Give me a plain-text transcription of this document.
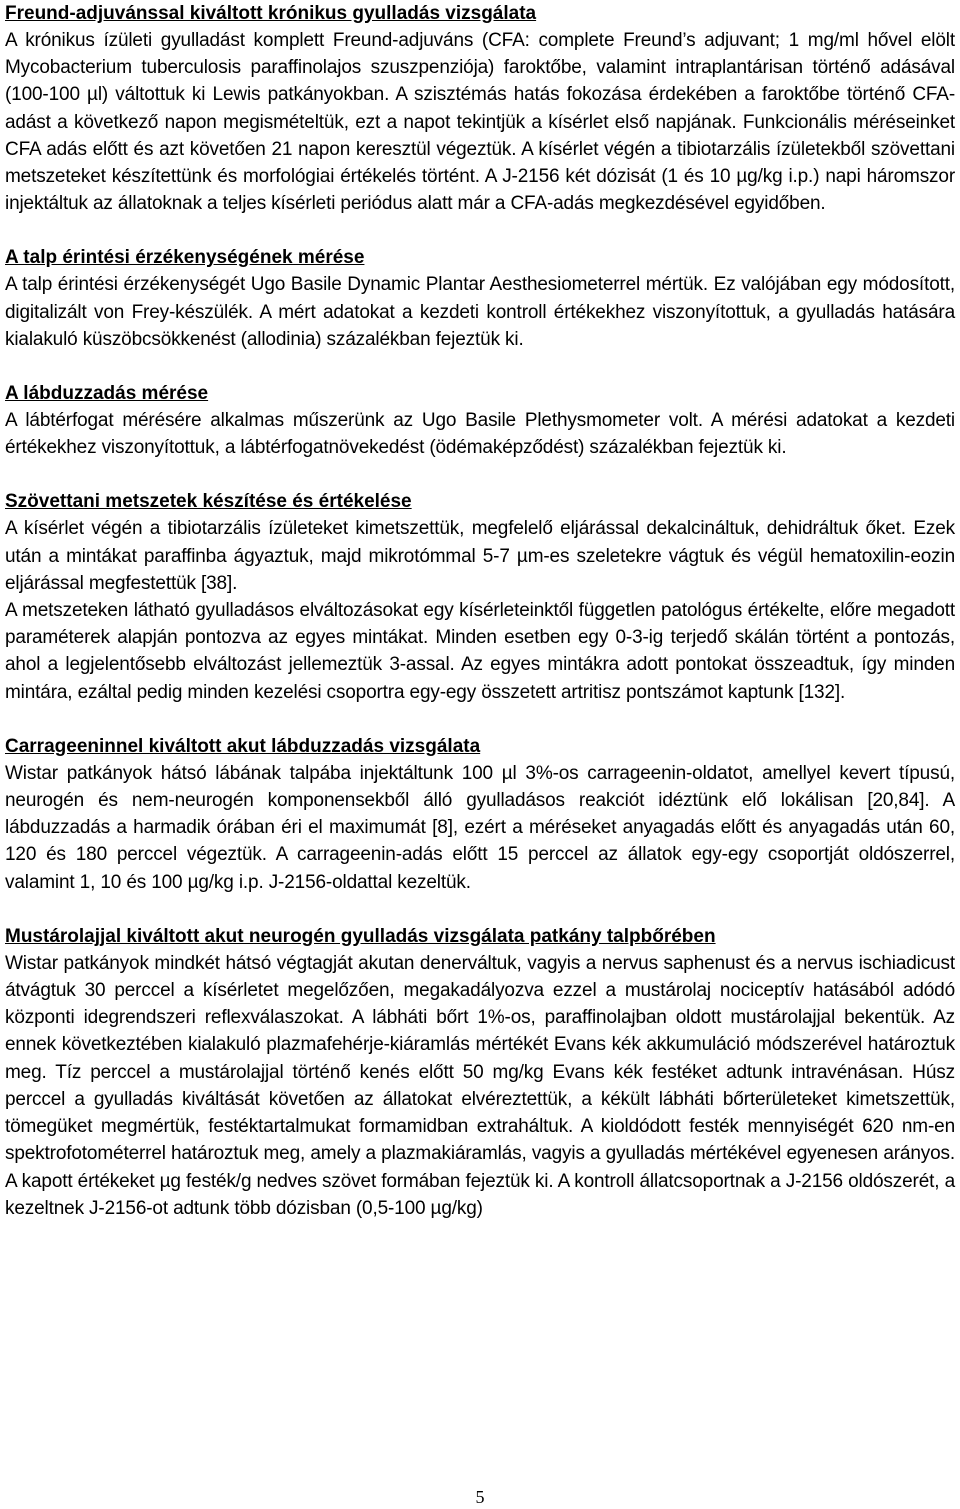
Freund-adjuvánssal kiváltott krónikus gyulladás vizsgálata

A krónikus ízületi gyulladást komplett Freund-adjuváns (CFA: complete Freund’s adjuvant; 1 mg/ml hővel elölt Mycobacterium tuberculosis paraffinolajos szuszpenziója) faroktőbe, valamint intraplantárisan történő adásával (100-100 µl) váltottuk ki Lewis patkányokban. A szisztémás hatás fokozása érdekében a faroktőbe történő CFA-adást a következő napon megismételtük, ezt a napot tekintjük a kísérlet első napjának. Funkcionális méréseinket CFA adás előtt és azt követően 21 napon keresztül végeztük. A kísérlet végén a tibiotarzális ízületekből szövettani metszeteket készítettünk és morfológiai értékelés történt. A J-2156 két dózisát (1 és 10 µg/kg i.p.) napi háromszor injektáltuk az állatoknak a teljes kísérleti periódus alatt már a CFA-adás megkezdésével egyidőben.

A talp érintési érzékenységének mérése

A talp érintési érzékenységét Ugo Basile Dynamic Plantar Aesthesiometerrel mértük. Ez valójában egy módosított, digitalizált von Frey-készülék. A mért adatokat a kezdeti kontroll értékekhez viszonyítottuk, a gyulladás hatására kialakuló küszöbcsökkenést (allodinia) százalékban fejeztük ki.

A lábduzzadás mérése

A lábtérfogat mérésére alkalmas műszerünk az Ugo Basile Plethysmometer volt. A mérési adatokat a kezdeti értékekhez viszonyítottuk, a lábtérfogatnövekedést (ödémaképződést) százalékban fejeztük ki.

Szövettani metszetek készítése és értékelése

A kísérlet végén a tibiotarzális ízületeket kimetszettük, megfelelő eljárással dekalcináltuk, dehidráltuk őket. Ezek után a mintákat paraffinba ágyaztuk, majd mikrotómmal 5-7 µm-es szeletekre vágtuk és végül hematoxilin-eozin eljárással megfestettük [38].

A metszeteken látható gyulladásos elváltozásokat egy kísérleteinktől független patológus értékelte, előre megadott paraméterek alapján pontozva az egyes mintákat. Minden esetben egy 0-3-ig terjedő skálán történt a pontozás, ahol a legjelentősebb elváltozást jellemeztük 3-assal. Az egyes mintákra adott pontokat összeadtuk, így minden mintára, ezáltal pedig minden kezelési csoportra egy-egy összetett artritisz pontszámot kaptunk [132].

Carrageeninnel kiváltott akut lábduzzadás vizsgálata

Wistar patkányok hátsó lábának talpába injektáltunk 100 µl 3%-os carrageenin-oldatot, amellyel kevert típusú, neurogén és nem-neurogén komponensekből álló gyulladásos reakciót idéztünk elő lokálisan [20,84]. A lábduzzadás a harmadik órában éri el maximumát [8], ezért a méréseket anyagadás előtt és anyagadás után 60, 120 és 180 perccel végeztük. A carrageenin-adás előtt 15 perccel az állatok egy-egy csoportját oldószerrel, valamint 1, 10 és 100 µg/kg i.p. J-2156-oldattal kezeltük.

Mustárolajjal kiváltott akut neurogén gyulladás vizsgálata patkány talpbőrében

Wistar patkányok mindkét hátsó végtagját akutan denerváltuk, vagyis a nervus saphenust és a nervus ischiadicust átvágtuk 30 perccel a kísérletet megelőzően, megakadályozva ezzel a mustárolaj nociceptív hatásából adódó központi idegrendszeri reflexválaszokat. A lábháti bőrt 1%-os, paraffinolajban oldott mustárolajjal bekentük. Az ennek következtében kialakuló plazmafehérje-kiáramlás mértékét Evans kék akkumuláció módszerével határoztuk meg. Tíz perccel a mustárolajjal történő kenés előtt 50 mg/kg Evans kék festéket adtunk intravénásan. Húsz perccel a gyulladás kiváltását követően az állatokat elvéreztettük, a kékült lábháti bőrterületeket kimetszettük, tömegüket megmértük, festéktartalmukat formamidban extraháltuk. A kioldódott festék mennyiségét 620 nm-en spektrofotométerrel határoztuk meg, amely a plazmakiáramlás, vagyis a gyulladás mértékével egyenesen arányos. A kapott értékeket µg festék/g nedves szövet formában fejeztük ki. A kontroll állatcsoportnak a J-2156 oldószerét, a kezeltnek J-2156-ot adtunk több dózisban (0,5-100 µg/kg)

5
